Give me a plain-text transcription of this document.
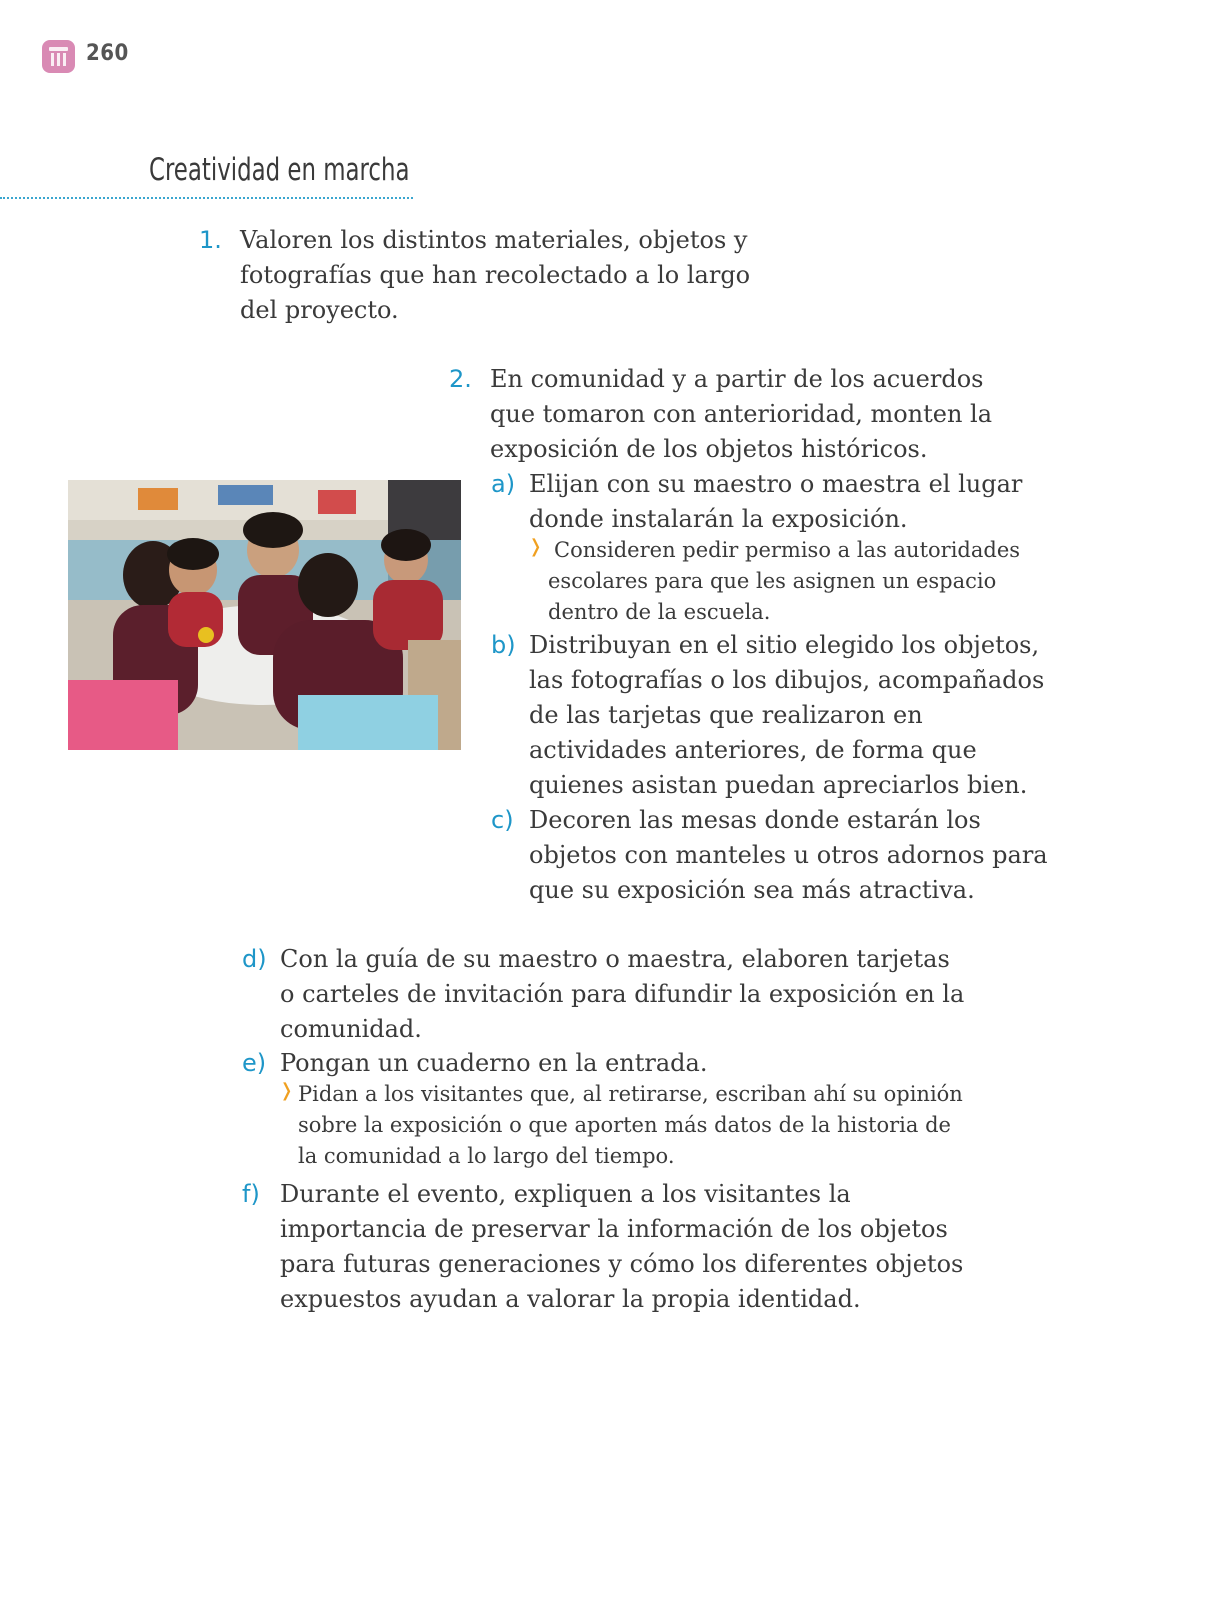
260
Creatividad en marcha
1. Valoren los distintos materiales, objetos y
fotografías que han recolectado a lo largo
del proyecto.
2. En comunidad y a partir de los acuerdos
que tomaron con anterioridad, monten la
exposición de los objetos históricos.
a) Elijan con su maestro o maestra el lugar
donde instalarán la exposición.
❭ Consideren pedir permiso a las autoridades
escolares para que les asignen un espacio
dentro de la escuela.
b) Distribuyan en el sitio elegido los objetos,
las fotografías o los dibujos, acompañados
de las tarjetas que realizaron en
actividades anteriores, de forma que
quienes asistan puedan apreciarlos bien.
c) Decoren las mesas donde estarán los
objetos con manteles u otros adornos para
que su exposición sea más atractiva.
d) Con la guía de su maestro o maestra, elaboren tarjetas
o carteles de invitación para difundir la exposición en la
comunidad.
e) Pongan un cuaderno en la entrada.
❭ Pidan a los visitantes que, al retirarse, escriban ahí su opinión
sobre la exposición o que aporten más datos de la historia de
la comunidad a lo largo del tiempo.
f) Durante el evento, expliquen a los visitantes la
importancia de preservar la información de los objetos
para futuras generaciones y cómo los diferentes objetos
expuestos ayudan a valorar la propia identidad.
